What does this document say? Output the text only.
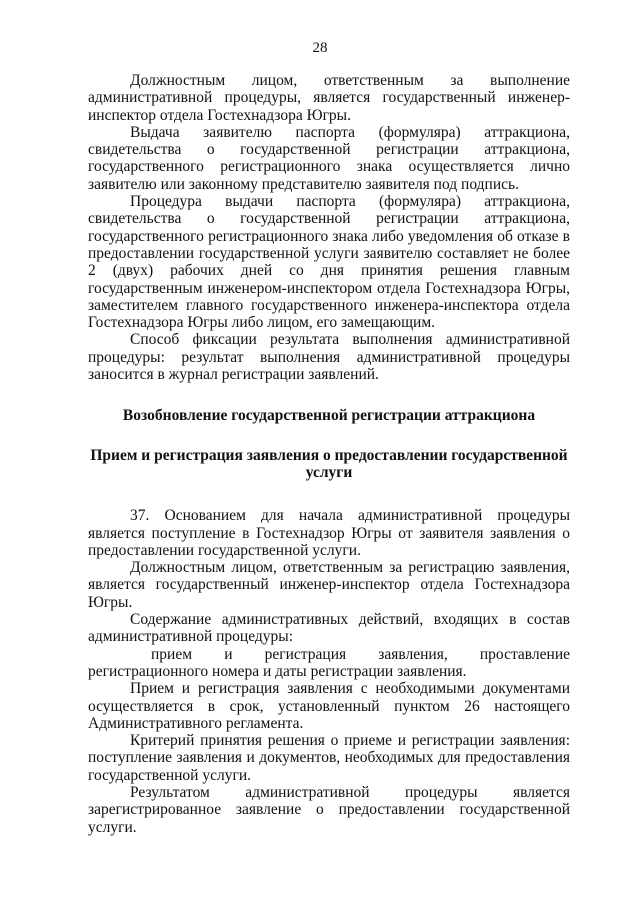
28

Должностным лицом, ответственным за выполнение административной процедуры, является государственный инженер-инспектор отдела Гостехнадзора Югры.

Выдача заявителю паспорта (формуляра) аттракциона, свидетельства о государственной регистрации аттракциона, государственного регистрационного знака осуществляется лично заявителю или законному представителю заявителя под подпись.

Процедура выдачи паспорта (формуляра) аттракциона, свидетельства о государственной регистрации аттракциона, государственного регистрационного знака либо уведомления об отказе в предоставлении государственной услуги заявителю составляет не более 2 (двух) рабочих дней со дня принятия решения главным государственным инженером-инспектором отдела Гостехнадзора Югры, заместителем главного государственного инженера-инспектора отдела Гостехнадзора Югры либо лицом, его замещающим.

Способ фиксации результата выполнения административной процедуры: результат выполнения административной процедуры заносится в журнал регистрации заявлений.

Возобновление государственной регистрации аттракциона
Прием и регистрация заявления о предоставлении государственной услуги

37. Основанием для начала административной процедуры является поступление в Гостехнадзор Югры от заявителя заявления о предоставлении государственной услуги.

Должностным лицом, ответственным за регистрацию заявления, является государственный инженер-инспектор отдела Гостехнадзора Югры.

Содержание административных действий, входящих в состав административной процедуры:

прием и регистрация заявления, проставление регистрационного номера и даты регистрации заявления.

Прием и регистрация заявления с необходимыми документами осуществляется в срок, установленный пунктом 26 настоящего Административного регламента.

Критерий принятия решения о приеме и регистрации заявления: поступление заявления и документов, необходимых для предоставления государственной услуги.

Результатом административной процедуры является зарегистрированное заявление о предоставлении государственной услуги.
